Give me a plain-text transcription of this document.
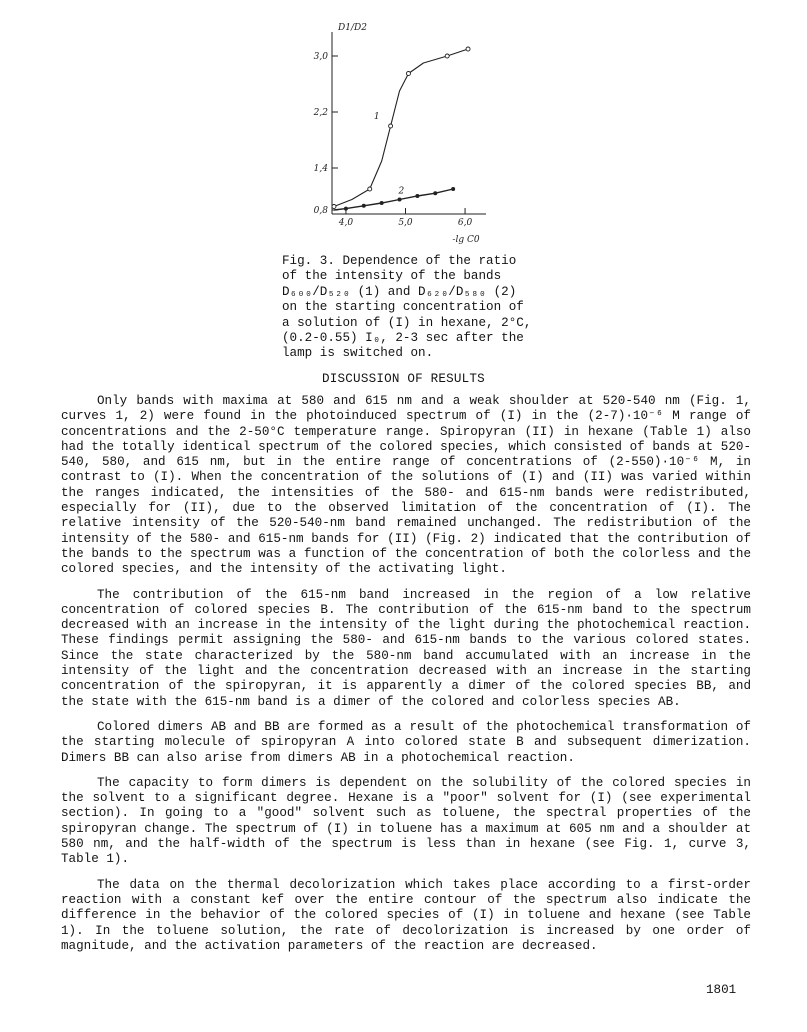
0,8
1,4
2,2
3,0
4,0	5,0	6,0
D1/D2
-lg C0
1
2
Fig. 3. Dependence of the ratio
of the intensity of the bands
D₆₀₀/D₅₂₀ (1) and D₆₂₀/D₅₈₀ (2)
on the starting concentration of
a solution of (I) in hexane, 2°C,
(0.2-0.55) I₀, 2-3 sec after the
lamp is switched on.
DISCUSSION OF RESULTS

Only bands with maxima at 580 and 615 nm and a weak shoulder at 520-540 nm (Fig. 1, curves 1, 2) were found in the photoinduced spectrum of (I) in the (2-7)·10⁻⁶ M range of concentrations and the 2-50°C temperature range. Spiropyran (II) in hexane (Table 1) also had the totally identical spectrum of the colored species, which consisted of bands at 520-540, 580, and 615 nm, but in the entire range of concentrations of (2-550)·10⁻⁶ M, in contrast to (I). When the concentration of the solutions of (I) and (II) was varied within the ranges indicated, the intensities of the 580- and 615-nm bands were redistributed, especially for (II), due to the observed limitation of the concentration of (I). The relative intensity of the 520-540-nm band remained unchanged. The redistribution of the intensity of the 580- and 615-nm bands for (II) (Fig. 2) indicated that the contribution of the bands to the spectrum was a function of the concentration of both the colorless and the colored species, and the intensity of the activating light.

The contribution of the 615-nm band increased in the region of a low relative concentration of colored species B. The contribution of the 615-nm band to the spectrum decreased with an increase in the intensity of the light during the photochemical reaction. These findings permit assigning the 580- and 615-nm bands to the various colored states. Since the state characterized by the 580-nm band accumulated with an increase in the intensity of the light and the concentration decreased with an increase in the starting concentration of the spiropyran, it is apparently a dimer of the colored species BB, and the state with the 615-nm band is a dimer of the colored and colorless species AB.

Colored dimers AB and BB are formed as a result of the photochemical transformation of the starting molecule of spiropyran A into colored state B and subsequent dimerization. Dimers BB can also arise from dimers AB in a photochemical reaction.

The capacity to form dimers is dependent on the solubility of the colored species in the solvent to a significant degree. Hexane is a "poor" solvent for (I) (see experimental section). In going to a "good" solvent such as toluene, the spectral properties of the spiropyran change. The spectrum of (I) in toluene has a maximum at 605 nm and a shoulder at 580 nm, and the half-width of the spectrum is less than in hexane (see Fig. 1, curve 3, Table 1).

The data on the thermal decolorization which takes place according to a first-order reaction with a constant kef over the entire contour of the spectrum also indicate the difference in the behavior of the colored species of (I) in toluene and hexane (see Table 1). In the toluene solution, the rate of decolorization is increased by one order of magnitude, and the activation parameters of the reaction are decreased.

1801
